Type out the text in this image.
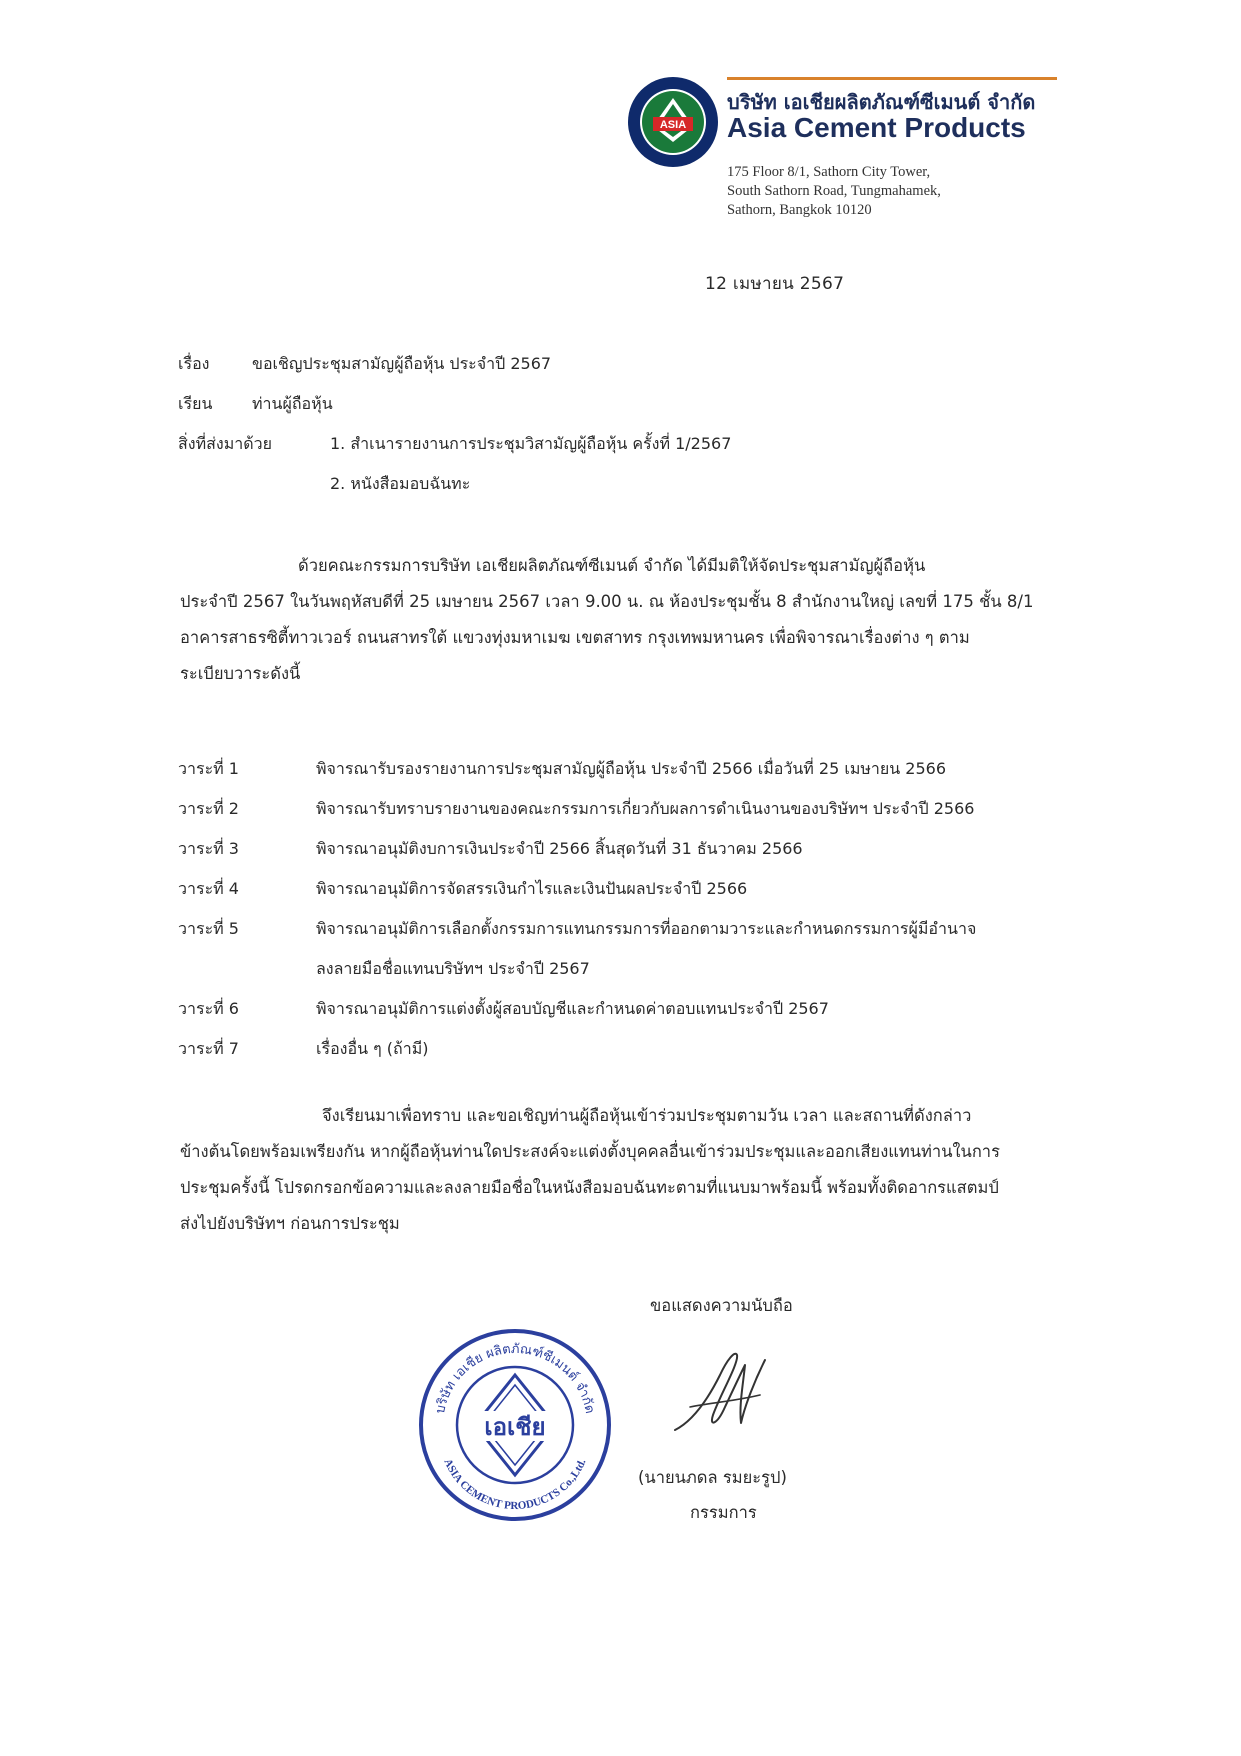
ASIA
บริษัท เอเชียผลิตภัณฑ์ซีเมนต์ จำกัด
Asia Cement Products
175 Floor 8/1, Sathorn City Tower,
South Sathorn Road, Tungmahamek,
Sathorn, Bangkok 10120
12 เมษายน 2567
เรื่อง	ขอเชิญประชุมสามัญผู้ถือหุ้น ประจำปี 2567
เรียน ท่านผู้ถือหุ้น
สิ่งที่ส่งมาด้วย	1. สำเนารายงานการประชุมวิสามัญผู้ถือหุ้น ครั้งที่ 1/2567
2. หนังสือมอบฉันทะ
ด้วยคณะกรรมการบริษัท เอเชียผลิตภัณฑ์ซีเมนต์ จำกัด ได้มีมติให้จัดประชุมสามัญผู้ถือหุ้น
ประจำปี 2567 ในวันพฤหัสบดีที่ 25 เมษายน 2567 เวลา 9.00 น. ณ ห้องประชุมชั้น 8 สำนักงานใหญ่ เลขที่ 175 ชั้น 8/1
อาคารสาธรซิตี้ทาวเวอร์ ถนนสาทรใต้ แขวงทุ่งมหาเมฆ เขตสาทร กรุงเทพมหานคร เพื่อพิจารณาเรื่องต่าง ๆ ตาม
ระเบียบวาระดังนี้
วาระที่ 1	พิจารณารับรองรายงานการประชุมสามัญผู้ถือหุ้น ประจำปี 2566 เมื่อวันที่ 25 เมษายน 2566
วาระที่ 2	พิจารณารับทราบรายงานของคณะกรรมการเกี่ยวกับผลการดำเนินงานของบริษัทฯ ประจำปี 2566
วาระที่ 3	พิจารณาอนุมัติงบการเงินประจำปี 2566 สิ้นสุดวันที่ 31 ธันวาคม 2566
วาระที่ 4	พิจารณาอนุมัติการจัดสรรเงินกำไรและเงินปันผลประจำปี 2566
วาระที่ 5	พิจารณาอนุมัติการเลือกตั้งกรรมการแทนกรรมการที่ออกตามวาระและกำหนดกรรมการผู้มีอำนาจ
ลงลายมือชื่อแทนบริษัทฯ ประจำปี 2567
วาระที่ 6	พิจารณาอนุมัติการแต่งตั้งผู้สอบบัญชีและกำหนดค่าตอบแทนประจำปี 2567
วาระที่ 7	เรื่องอื่น ๆ (ถ้ามี)
จึงเรียนมาเพื่อทราบ และขอเชิญท่านผู้ถือหุ้นเข้าร่วมประชุมตามวัน เวลา และสถานที่ดังกล่าว
ข้างต้นโดยพร้อมเพรียงกัน หากผู้ถือหุ้นท่านใดประสงค์จะแต่งตั้งบุคคลอื่นเข้าร่วมประชุมและออกเสียงแทนท่านในการ
ประชุมครั้งนี้ โปรดกรอกข้อความและลงลายมือชื่อในหนังสือมอบฉันทะตามที่แนบมาพร้อมนี้ พร้อมทั้งติดอากรแสตมป์
ส่งไปยังบริษัทฯ ก่อนการประชุม
ขอแสดงความนับถือ
บริษัท เอเชีย ผลิตภัณฑ์ซีเมนต์ จำกัด
ASIA CEMENT PRODUCTS Co.,Ltd.
เอเชีย
(นายนภดล รมยะรูป)
กรรมการ
